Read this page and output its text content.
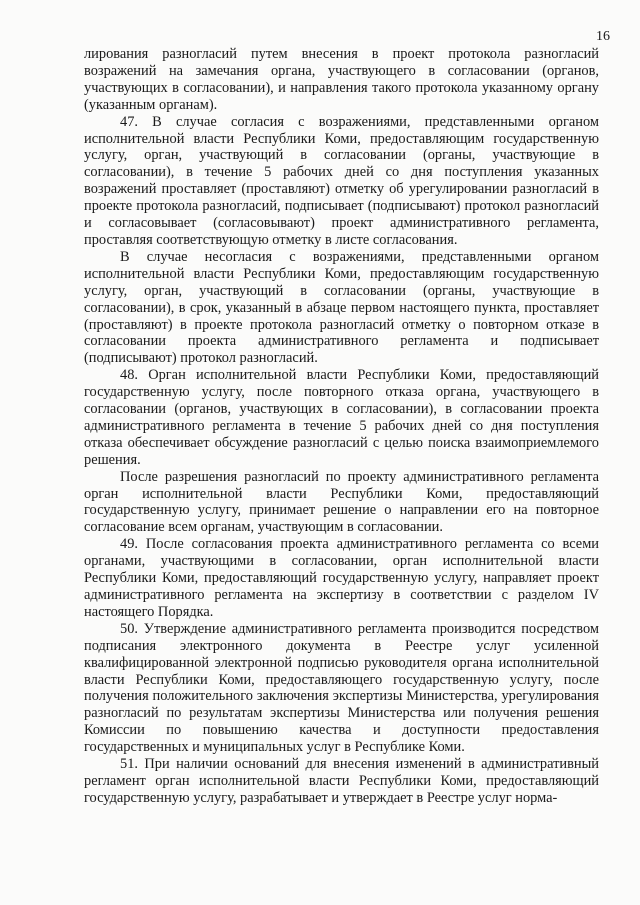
16

лирования разногласий путем внесения в проект протокола разногласий возражений на замечания органа, участвующего в согласовании (органов, участвующих в согласовании), и направления такого протокола указанному органу (указанным органам).

47. В случае согласия с возражениями, представленными органом исполнительной власти Республики Коми, предоставляющим государственную услугу, орган, участвующий в согласовании (органы, участвующие в согласовании), в течение 5 рабочих дней со дня поступления указанных возражений проставляет (проставляют) отметку об урегулировании разногласий в проекте протокола разногласий, подписывает (подписывают) протокол разногласий и согласовывает (согласовывают) проект административного регламента, проставляя соответствующую отметку в листе согласования.

В случае несогласия с возражениями, представленными органом исполнительной власти Республики Коми, предоставляющим государственную услугу, орган, участвующий в согласовании (органы, участвующие в согласовании), в срок, указанный в абзаце первом настоящего пункта, проставляет (проставляют) в проекте протокола разногласий отметку о повторном отказе в согласовании проекта административного регламента и подписывает (подписывают) протокол разногласий.

48. Орган исполнительной власти Республики Коми, предоставляющий государственную услугу, после повторного отказа органа, участвующего в согласовании (органов, участвующих в согласовании), в согласовании проекта административного регламента в течение 5 рабочих дней со дня поступления отказа обеспечивает обсуждение разногласий с целью поиска взаимоприемлемого решения.

После разрешения разногласий по проекту административного регламента орган исполнительной власти Республики Коми, предоставляющий государственную услугу, принимает решение о направлении его на повторное согласование всем органам, участвующим в согласовании.

49. После согласования проекта административного регламента со всеми органами, участвующими в согласовании, орган исполнительной власти Республики Коми, предоставляющий государственную услугу, направляет проект административного регламента на экспертизу в соответствии с разделом IV настоящего Порядка.

50. Утверждение административного регламента производится посредством подписания электронного документа в Реестре услуг усиленной квалифицированной электронной подписью руководителя органа исполнительной власти Республики Коми, предоставляющего государственную услугу, после получения положительного заключения экспертизы Министерства, урегулирования разногласий по результатам экспертизы Министерства или получения решения Комиссии по повышению качества и доступности предоставления государственных и муниципальных услуг в Республике Коми.

51. При наличии оснований для внесения изменений в административный регламент орган исполнительной власти Республики Коми, предоставляющий государственную услугу, разрабатывает и утверждает в Реестре услуг норма-
